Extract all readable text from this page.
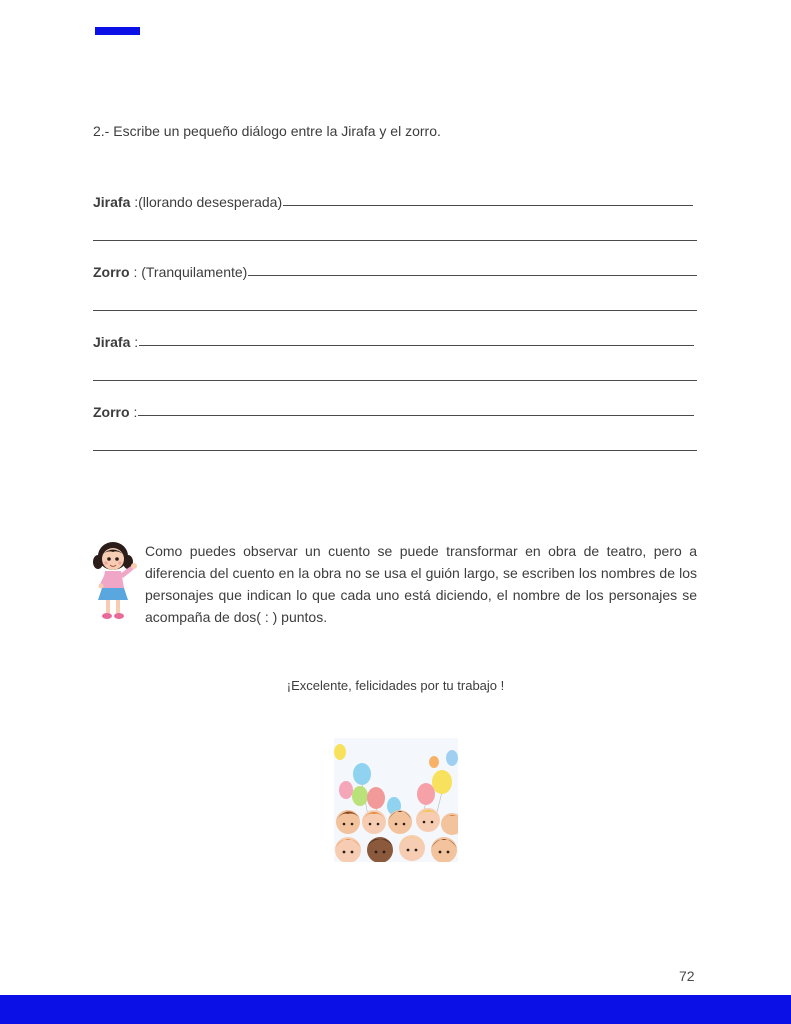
2.- Escribe un pequeño diálogo entre la Jirafa y el zorro.
Jirafa : (llorando desesperada)
Zorro : (Tranquilamente)
Jirafa :
Zorro :
Como puedes observar un cuento se puede transformar en obra de teatro, pero a diferencia del cuento en la obra no se usa el guión largo, se escriben los nombres de los personajes que indican lo que cada uno está diciendo, el nombre de los personajes se acompaña de dos( : ) puntos.
¡Excelente, felicidades por tu trabajo !
72
